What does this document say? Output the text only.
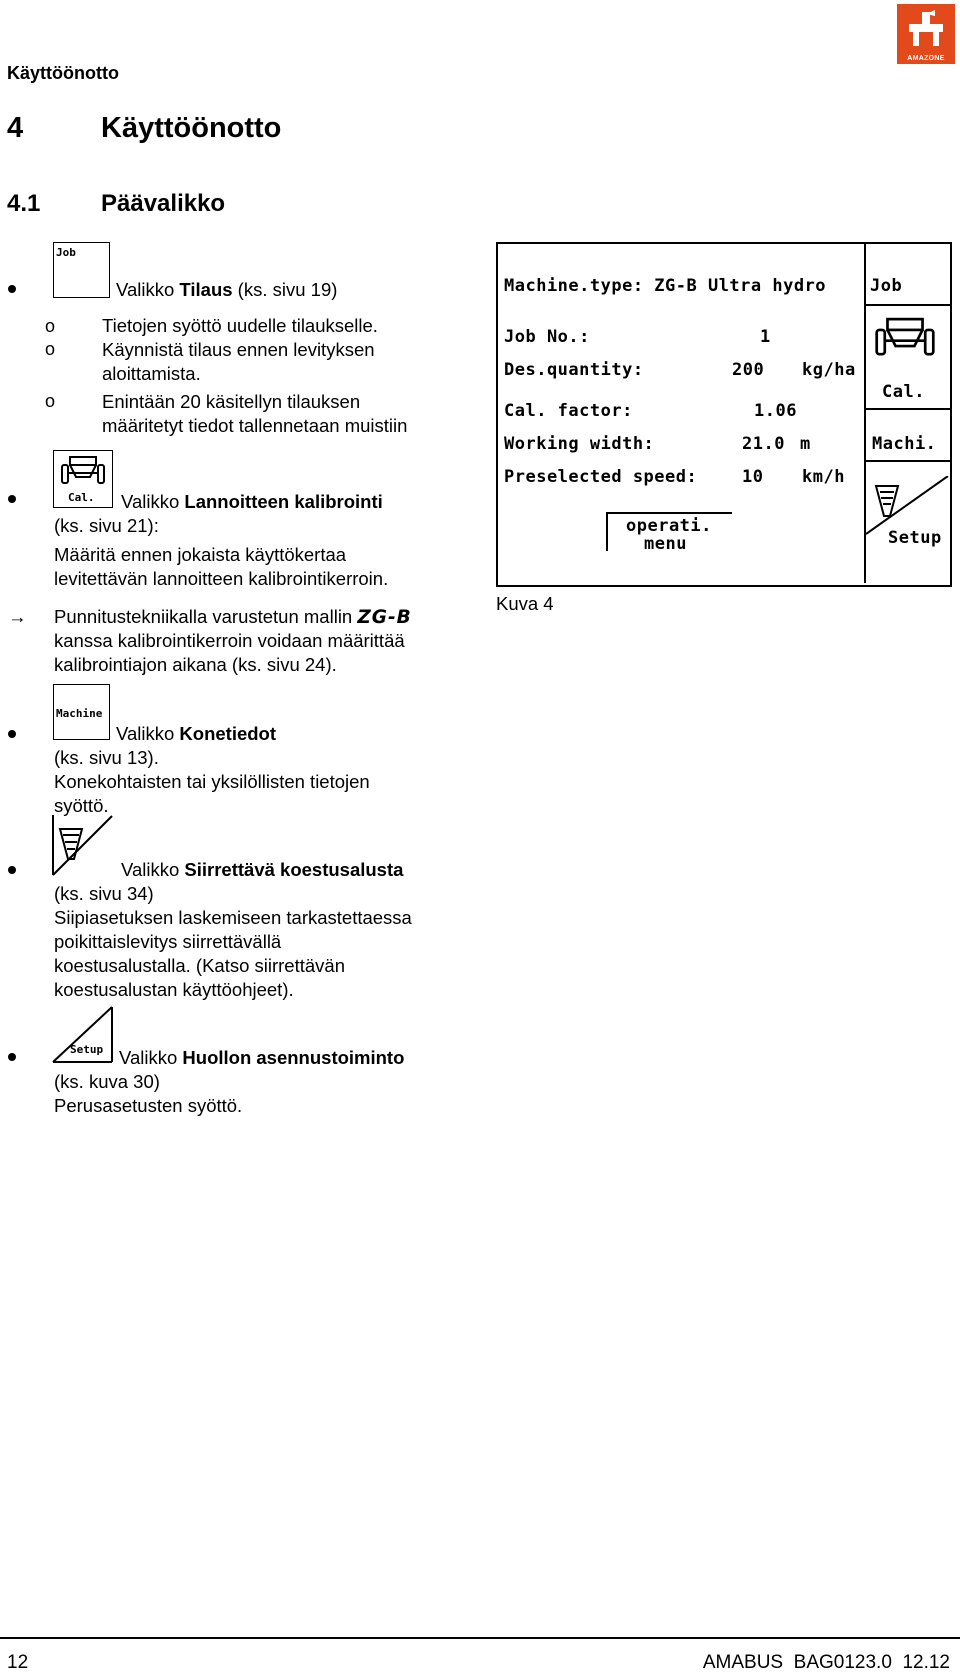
Käyttöönotto
AMAZONE
4	Käyttöönotto
4.1	Päävalikko
Job
Valikko Tilaus (ks. sivu 19)
o
o
o
Tietojen syöttö uudelle tilaukselle.
Käynnistä tilaus ennen levityksen
aloittamista.
Enintään 20 käsitellyn tilauksen
määritetyt tiedot tallennetaan muistiin
Cal. Valikko Lannoitteen kalibrointi
(ks. sivu 21):
Määritä ennen jokaista käyttökertaa
levitettävän lannoitteen kalibrointikerroin.
→ Punnitustekniikalla varustetun mallin ZG-B
kanssa kalibrointikerroin voidaan määrittää
kalibrointiajon aikana (ks. sivu 24).
Machine.type: ZG-B Ultra hydro	Job
Job No.:	1
Des.quantity:	200 kg/ha
Cal.
Cal. factor:	1.06
Working width:	21.0 m	Machi.
Preselected speed:	10 km/h
Setup
operati.
menu
Kuva 4
Machine
Valikko Konetiedot
(ks. sivu 13).
Konekohtaisten tai yksilöllisten tietojen
syöttö.
Valikko Siirrettävä koestusalusta
(ks. sivu 34)
Siipiasetuksen laskemiseen tarkastettaessa
poikittaislevitys siirrettävällä
koestusalustalla. (Katso siirrettävän
koestusalustan käyttöohjeet).
Setup Valikko Huollon asennustoiminto
(ks. kuva 30)
Perusasetusten syöttö.
12	AMABUS  BAG0123.0  12.12
